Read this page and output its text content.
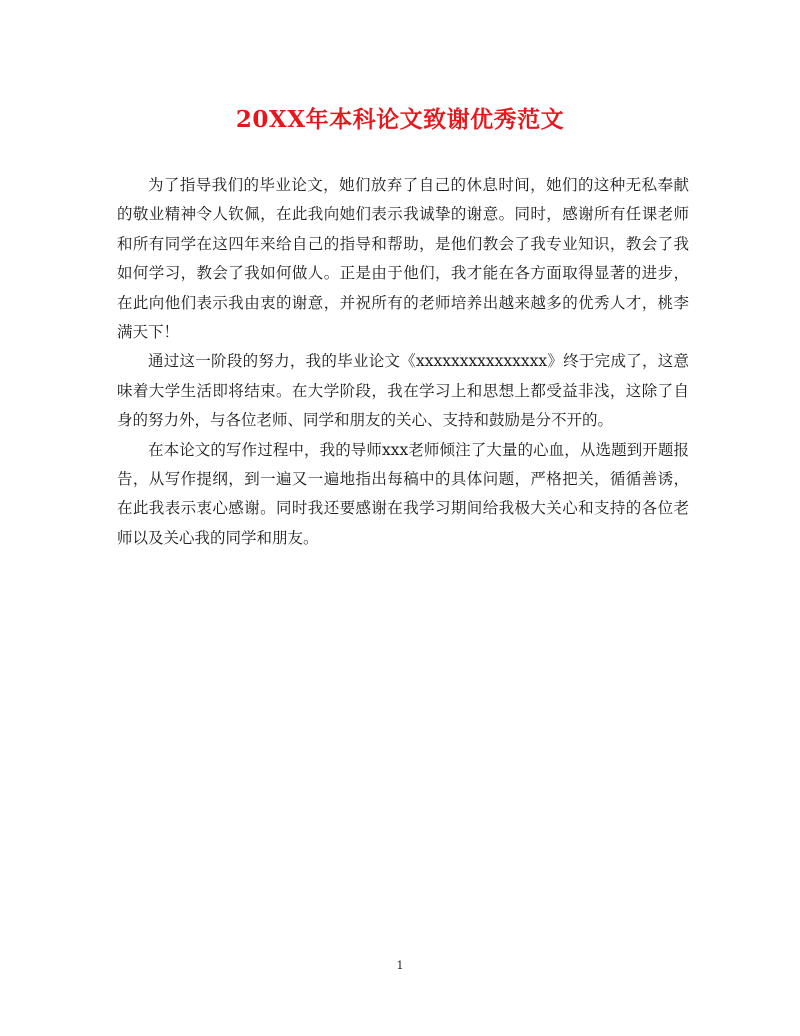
20XX年本科论文致谢优秀范文

为了指导我们的毕业论文，她们放弃了自己的休息时间，她们的这种无私奉献的敬业精神令人钦佩，在此我向她们表示我诚挚的谢意。同时，感谢所有任课老师和所有同学在这四年来给自己的指导和帮助，是他们教会了我专业知识，教会了我如何学习，教会了我如何做人。正是由于他们，我才能在各方面取得显著的进步，在此向他们表示我由衷的谢意，并祝所有的老师培养出越来越多的优秀人才，桃李满天下！

通过这一阶段的努力，我的毕业论文《xxxxxxxxxxxxxxx》终于完成了，这意味着大学生活即将结束。在大学阶段，我在学习上和思想上都受益非浅，这除了自身的努力外，与各位老师、同学和朋友的关心、支持和鼓励是分不开的。

在本论文的写作过程中，我的导师xxx老师倾注了大量的心血，从选题到开题报告，从写作提纲，到一遍又一遍地指出每稿中的具体问题，严格把关，循循善诱，在此我表示衷心感谢。同时我还要感谢在我学习期间给我极大关心和支持的各位老师以及关心我的同学和朋友。

1
